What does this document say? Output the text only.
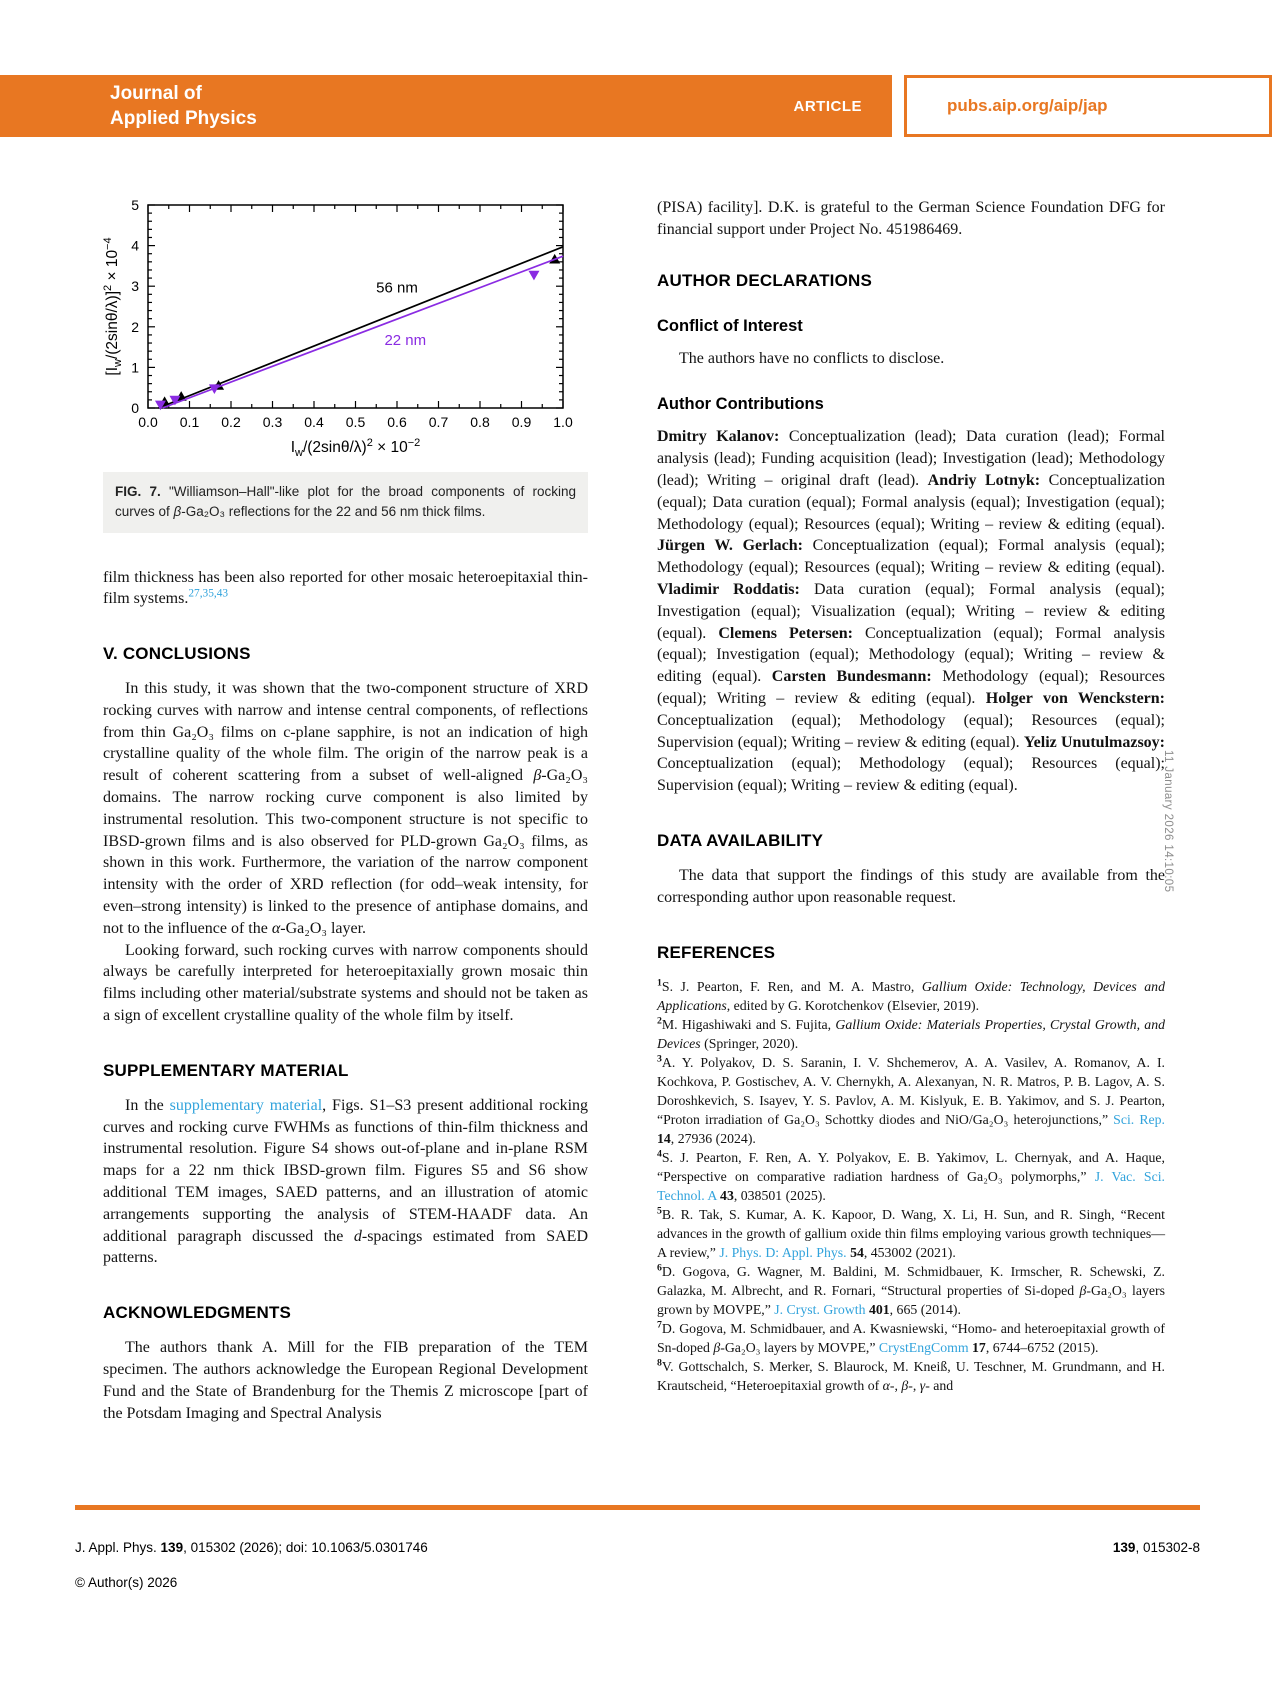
Journal of
Applied Physics
ARTICLE	pubs.aip.org/aip/jap
0.0 0.1 0.2 0.3 0.4 0.5 0.6 0.7 0.8 0.9 1.0
0
1
2
3
4
5
56 nm
22 nm
$I_w/(2\sin\theta/\lambda)^2 \times 10^{-2}$
$[I_w/(2\sin\theta/\lambda)]^2 \times 10^{-4}$
FIG. 7. "Williamson–Hall"-like plot for the broad components of rocking curves of β-Ga₂O₃ reflections for the 22 and 56 nm thick films.

film thickness has been also reported for other mosaic heteroepitaxial thin-film systems.$^{27,35,43}$

V. CONCLUSIONS

In this study, it was shown that the two-component structure of XRD rocking curves with narrow and intense central components, of reflections from thin Ga₂O₃ films on c-plane sapphire, is not an indication of high crystalline quality of the whole film. The origin of the narrow peak is a result of coherent scattering from a subset of well-aligned β-Ga₂O₃ domains. The narrow rocking curve component is also limited by instrumental resolution. This two-component structure is not specific to IBSD-grown films and is also observed for PLD-grown Ga₂O₃ films, as shown in this work. Furthermore, the variation of the narrow component intensity with the order of XRD reflection (for odd–weak intensity, for even–strong intensity) is linked to the presence of antiphase domains, and not to the influence of the α-Ga₂O₃ layer.

Looking forward, such rocking curves with narrow components should always be carefully interpreted for heteroepitaxially grown mosaic thin films including other material/substrate systems and should not be taken as a sign of excellent crystalline quality of the whole film by itself.

SUPPLEMENTARY MATERIAL

In the supplementary material, Figs. S1–S3 present additional rocking curves and rocking curve FWHMs as functions of thin-film thickness and instrumental resolution. Figure S4 shows out-of-plane and in-plane RSM maps for a 22 nm thick IBSD-grown film. Figures S5 and S6 show additional TEM images, SAED patterns, and an illustration of atomic arrangements supporting the analysis of STEM-HAADF data. An additional paragraph discussed the d-spacings estimated from SAED patterns.

ACKNOWLEDGMENTS

The authors thank A. Mill for the FIB preparation of the TEM specimen. The authors acknowledge the European Regional Development Fund and the State of Brandenburg for the Themis Z microscope [part of the Potsdam Imaging and Spectral Analysis

(PISA) facility]. D.K. is grateful to the German Science Foundation DFG for financial support under Project No. 451986469.

AUTHOR DECLARATIONS
Conflict of Interest

The authors have no conflicts to disclose.

Author Contributions

Dmitry Kalanov: Conceptualization (lead); Data curation (lead); Formal analysis (lead); Funding acquisition (lead); Investigation (lead); Methodology (lead); Writing – original draft (lead). Andriy Lotnyk: Conceptualization (equal); Data curation (equal); Formal analysis (equal); Investigation (equal); Methodology (equal); Resources (equal); Writing – review & editing (equal). Jürgen W. Gerlach: Conceptualization (equal); Formal analysis (equal); Methodology (equal); Resources (equal); Writing – review & editing (equal). Vladimir Roddatis: Data curation (equal); Formal analysis (equal); Investigation (equal); Visualization (equal); Writing – review & editing (equal). Clemens Petersen: Conceptualization (equal); Formal analysis (equal); Investigation (equal); Methodology (equal); Writing – review & editing (equal). Carsten Bundesmann: Methodology (equal); Resources (equal); Writing – review & editing (equal). Holger von Wenckstern: Conceptualization (equal); Methodology (equal); Resources (equal); Supervision (equal); Writing – review & editing (equal). Yeliz Unutulmazsoy: Conceptualization (equal); Methodology (equal); Resources (equal); Supervision (equal); Writing – review & editing (equal).

DATA AVAILABILITY

The data that support the findings of this study are available from the corresponding author upon reasonable request.

REFERENCES

$^1$S. J. Pearton, F. Ren, and M. A. Mastro, Gallium Oxide: Technology, Devices and Applications, edited by G. Korotchenkov (Elsevier, 2019).

$^2$M. Higashiwaki and S. Fujita, Gallium Oxide: Materials Properties, Crystal Growth, and Devices (Springer, 2020).

$^3$A. Y. Polyakov, D. S. Saranin, I. V. Shchemerov, A. A. Vasilev, A. Romanov, A. I. Kochkova, P. Gostischev, A. V. Chernykh, A. Alexanyan, N. R. Matros, P. B. Lagov, A. S. Doroshkevich, S. Isayev, Y. S. Pavlov, A. M. Kislyuk, E. B. Yakimov, and S. J. Pearton, “Proton irradiation of Ga₂O₃ Schottky diodes and NiO/Ga₂O₃ heterojunctions,” Sci. Rep. 14, 27936 (2024).

$^4$S. J. Pearton, F. Ren, A. Y. Polyakov, E. B. Yakimov, L. Chernyak, and A. Haque, “Perspective on comparative radiation hardness of Ga₂O₃ polymorphs,” J. Vac. Sci. Technol. A 43, 038501 (2025).

$^5$B. R. Tak, S. Kumar, A. K. Kapoor, D. Wang, X. Li, H. Sun, and R. Singh, “Recent advances in the growth of gallium oxide thin films employing various growth techniques—A review,” J. Phys. D: Appl. Phys. 54, 453002 (2021).

$^6$D. Gogova, G. Wagner, M. Baldini, M. Schmidbauer, K. Irmscher, R. Schewski, Z. Galazka, M. Albrecht, and R. Fornari, “Structural properties of Si-doped β-Ga₂O₃ layers grown by MOVPE,” J. Cryst. Growth 401, 665 (2014).

$^7$D. Gogova, M. Schmidbauer, and A. Kwasniewski, “Homo- and heteroepitaxial growth of Sn-doped β-Ga₂O₃ layers by MOVPE,” CrystEngComm 17, 6744–6752 (2015).

$^8$V. Gottschalch, S. Merker, S. Blaurock, M. Kneiß, U. Teschner, M. Grundmann, and H. Krautscheid, “Heteroepitaxial growth of α-, β-, γ- and

11 January 2026 14:10:05
J. Appl. Phys. 139, 015302 (2026); doi: 10.1063/5.0301746
© Author(s) 2026
139, 015302-8
